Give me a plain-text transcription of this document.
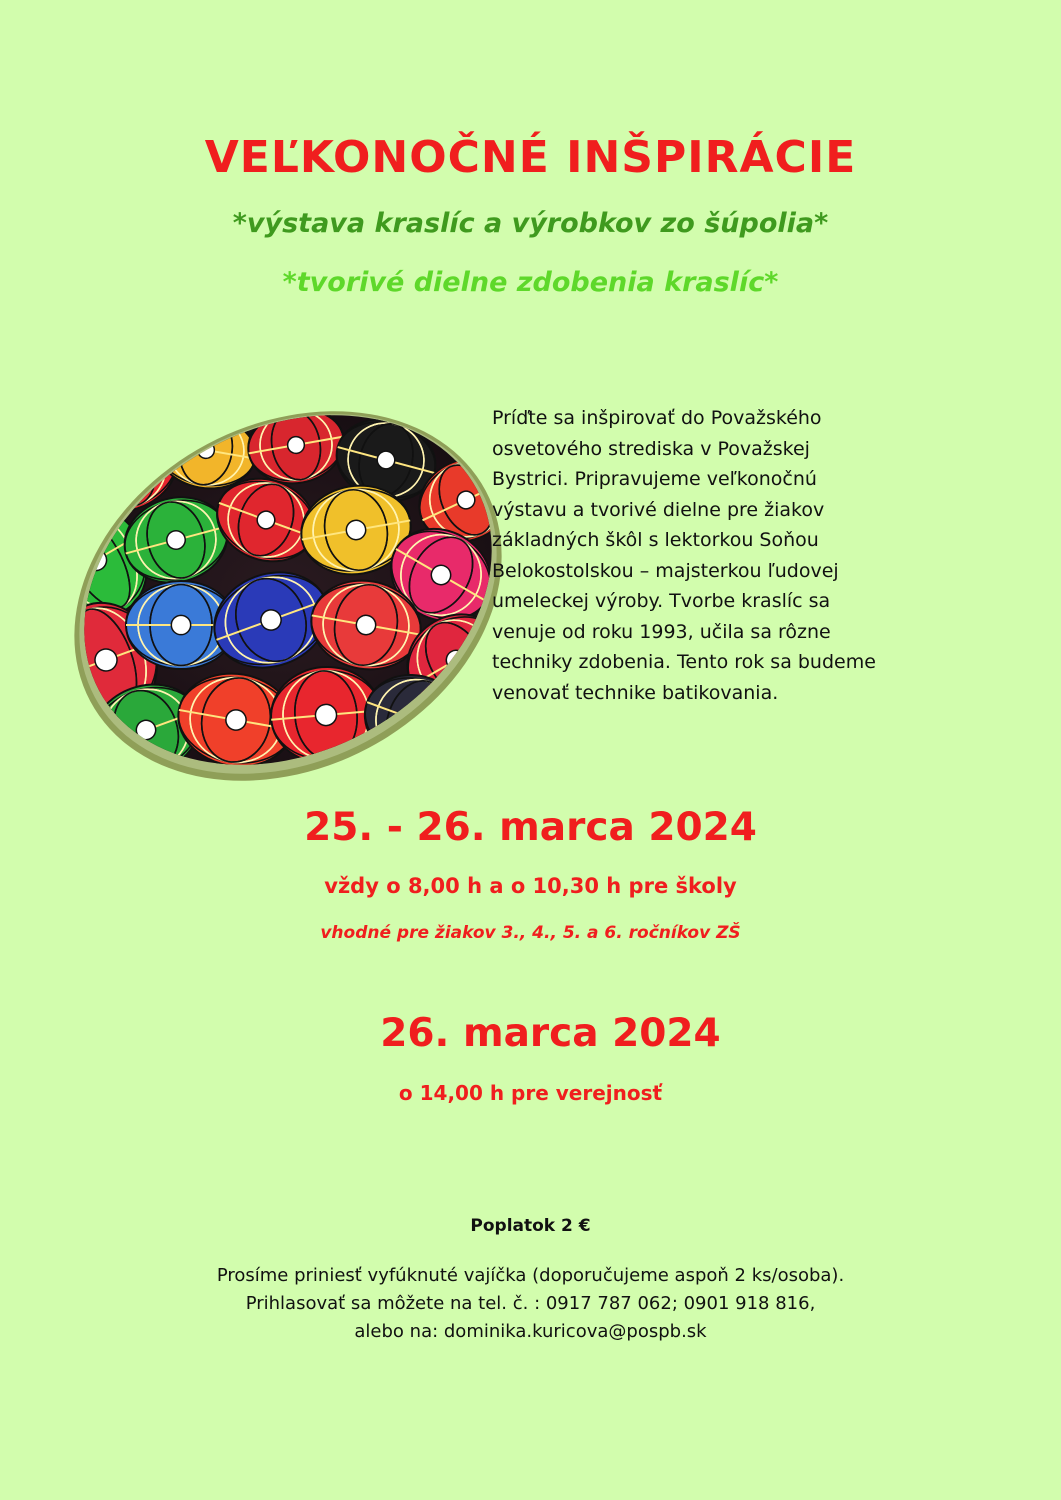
VEĽKONOČNÉ INŠPIRÁCIE
*výstava kraslíc a výrobkov zo šúpolia*
*tvorivé dielne zdobenia kraslíc*
Príďte sa inšpirovať do Považského
osvetového strediska v Považskej
Bystrici. Pripravujeme veľkonočnú
výstavu a tvorivé dielne pre žiakov
základných škôl s lektorkou Soňou
Belokostolskou – majsterkou ľudovej
umeleckej výroby. Tvorbe kraslíc sa
venuje od roku 1993, učila sa rôzne
techniky zdobenia. Tento rok sa budeme
venovať technike batikovania.
25. - 26. marca 2024
vždy o 8,00 h a o 10,30 h pre školy
vhodné pre žiakov 3., 4., 5. a 6. ročníkov ZŠ
26. marca 2024
o 14,00 h pre verejnosť
Poplatok 2 €
Prosíme priniesť vyfúknuté vajíčka (doporučujeme aspoň 2 ks/osoba).
Prihlasovať sa môžete na tel. č. : 0917 787 062; 0901 918 816,
alebo na: dominika.kuricova@pospb.sk
